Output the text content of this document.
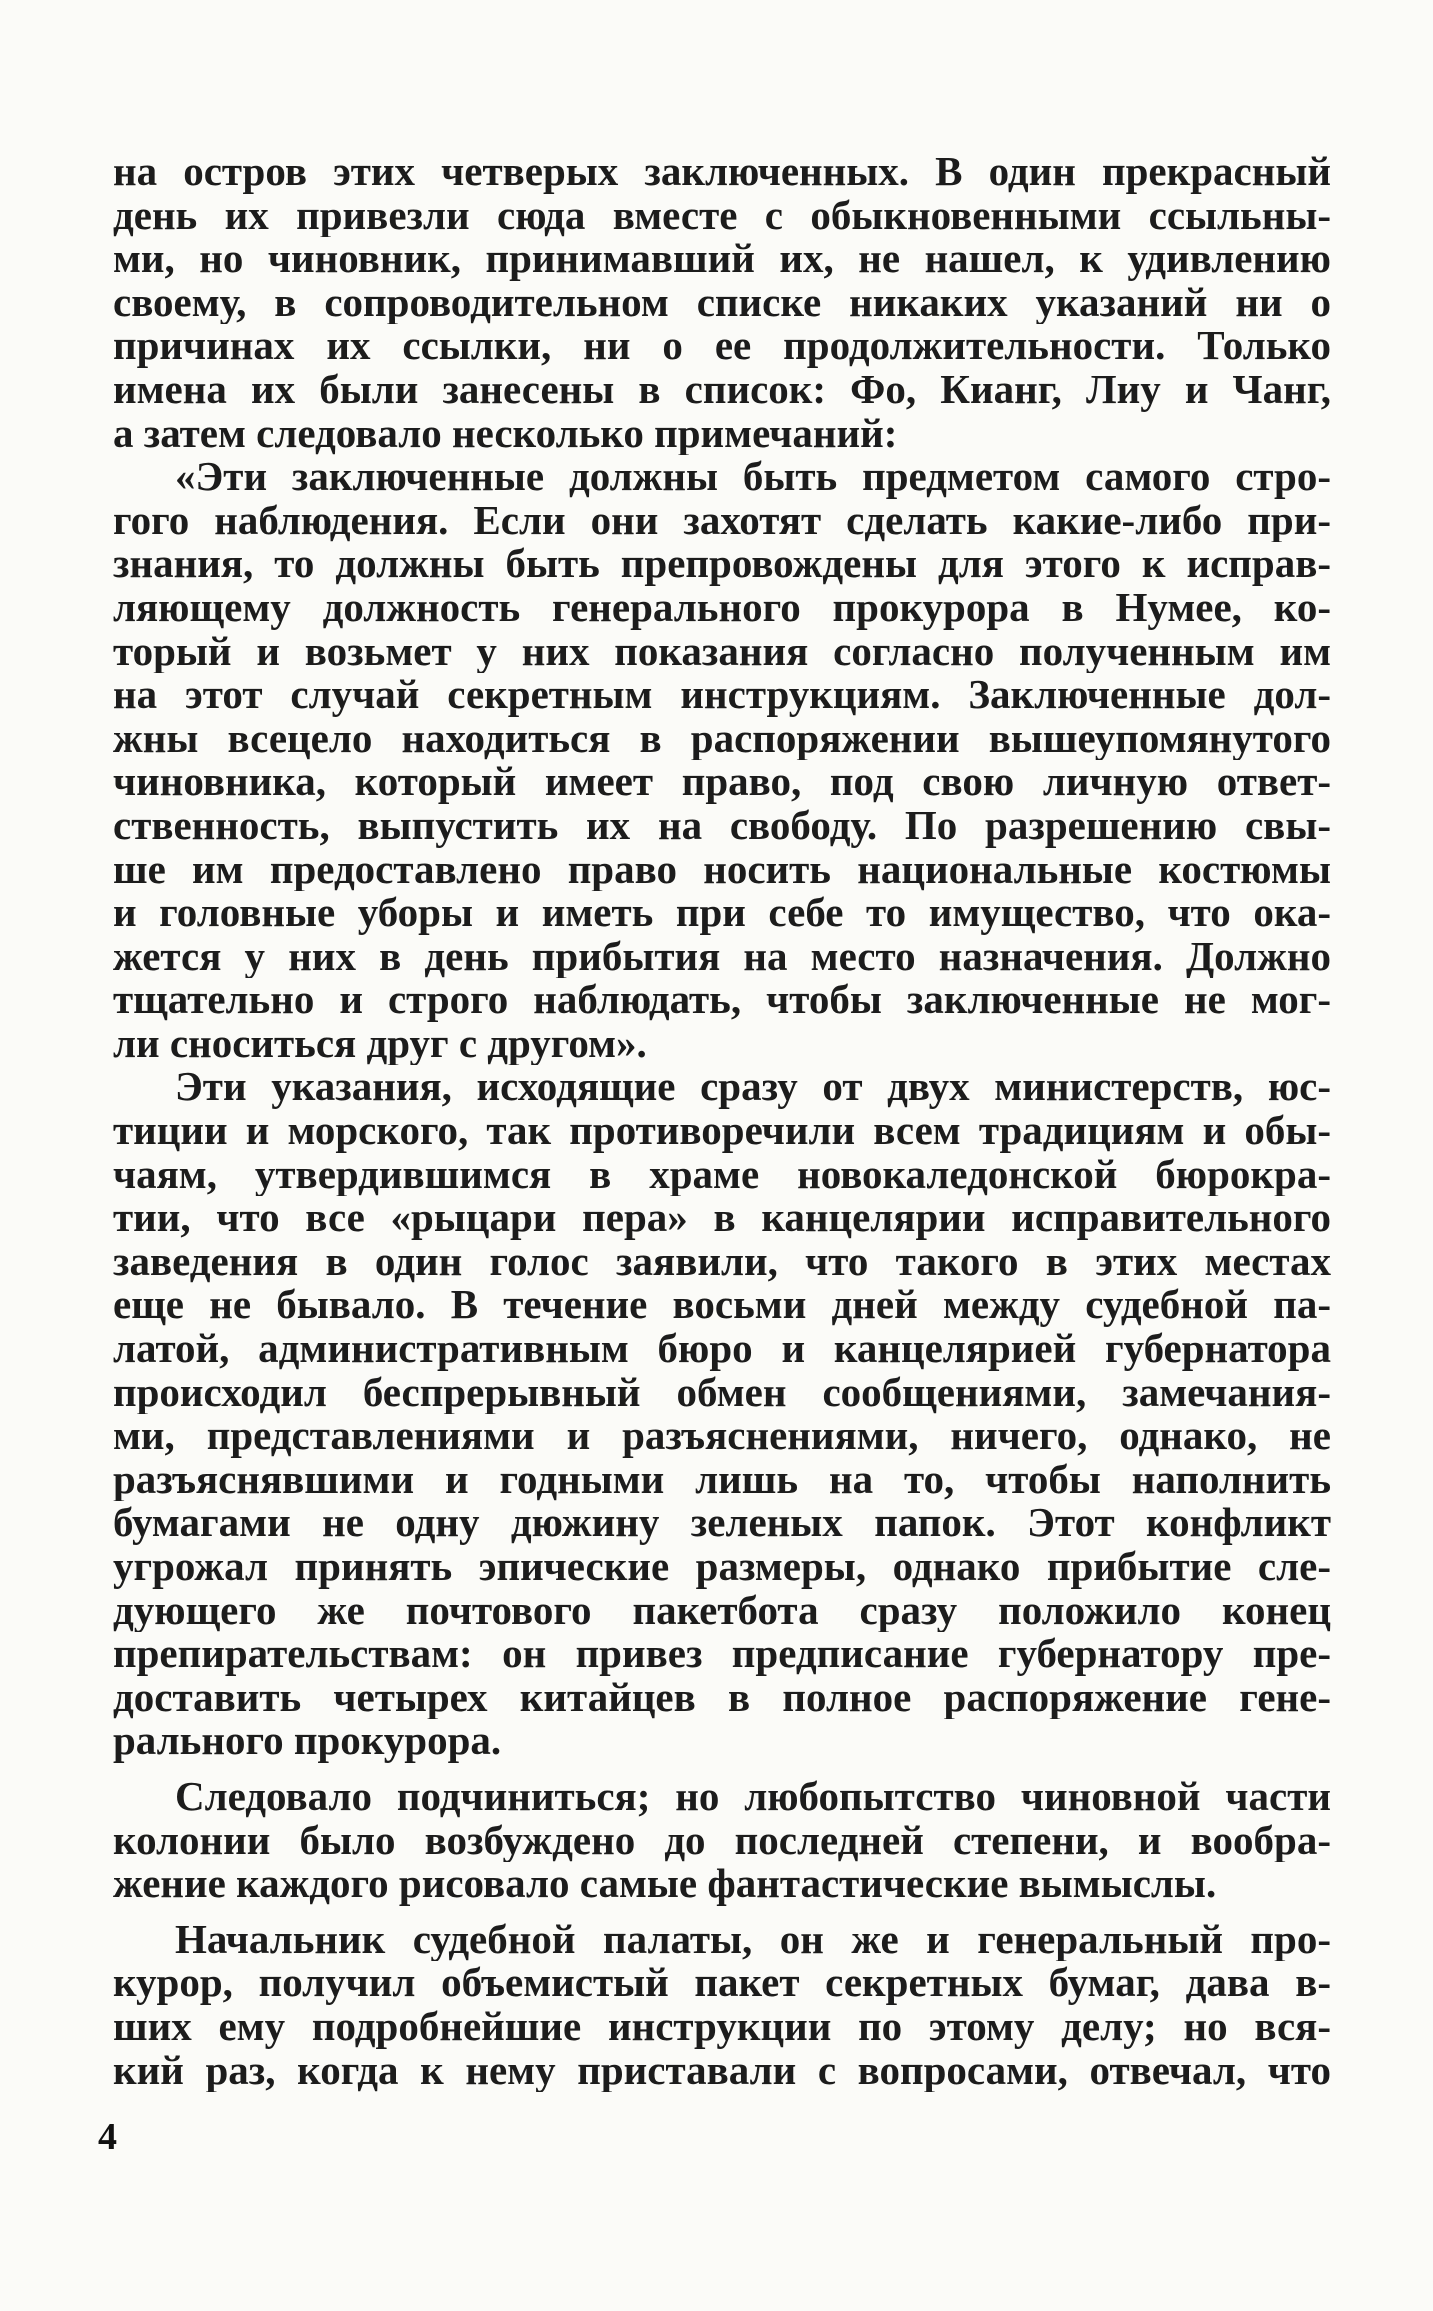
на остров этих четверых заключенных. В один прекрасный
день их привезли сюда вместе с обыкновенными ссыльны-
ми, но чиновник, принимавший их, не нашел, к удивлению
своему, в сопроводительном списке никаких указаний ни о
причинах их ссылки, ни о ее продолжительности. Только
имена их были занесены в список: Фо, Кианг, Лиу и Чанг,
а затем следовало несколько примечаний:

«Эти заключенные должны быть предметом самого стро-
гого наблюдения. Если они захотят сделать какие-либо при-
знания, то должны быть препровождены для этого к исправ-
ляющему должность генерального прокурора в Нумее, ко-
торый и возьмет у них показания согласно полученным им
на этот случай секретным инструкциям. Заключенные дол-
жны всецело находиться в распоряжении вышеупомянутого
чиновника, который имеет право, под свою личную ответ-
ственность, выпустить их на свободу. По разрешению свы-
ше им предоставлено право носить национальные костюмы
и головные уборы и иметь при себе то имущество, что ока-
жется у них в день прибытия на место назначения. Должно
тщательно и строго наблюдать, чтобы заключенные не мог-
ли сноситься друг с другом».

Эти указания, исходящие сразу от двух министерств, юс-
тиции и морского, так противоречили всем традициям и обы-
чаям, утвердившимся в храме новокаледонской бюрокра-
тии, что все «рыцари пера» в канцелярии исправительного
заведения в один голос заявили, что такого в этих местах
еще не бывало. В течение восьми дней между судебной па-
латой, административным бюро и канцелярией губернатора
происходил беспрерывный обмен сообщениями, замечания-
ми, представлениями и разъяснениями, ничего, однако, не
разъяснявшими и годными лишь на то, чтобы наполнить
бумагами не одну дюжину зеленых папок. Этот конфликт
угрожал принять эпические размеры, однако прибытие сле-
дующего же почтового пакетбота сразу положило конец
препирательствам: он привез предписание губернатору пре-
доставить четырех китайцев в полное распоряжение гене-
рального прокурора.

Следовало подчиниться; но любопытство чиновной части
колонии было возбуждено до последней степени, и вообра-
жение каждого рисовало самые фантастические вымыслы.

Начальник судебной палаты, он же и генеральный про-
курор, получил объемистый пакет секретных бумаг, дава в-
ших ему подробнейшие инструкции по этому делу; но вся-
кий раз, когда к нему приставали с вопросами, отвечал, что

4
